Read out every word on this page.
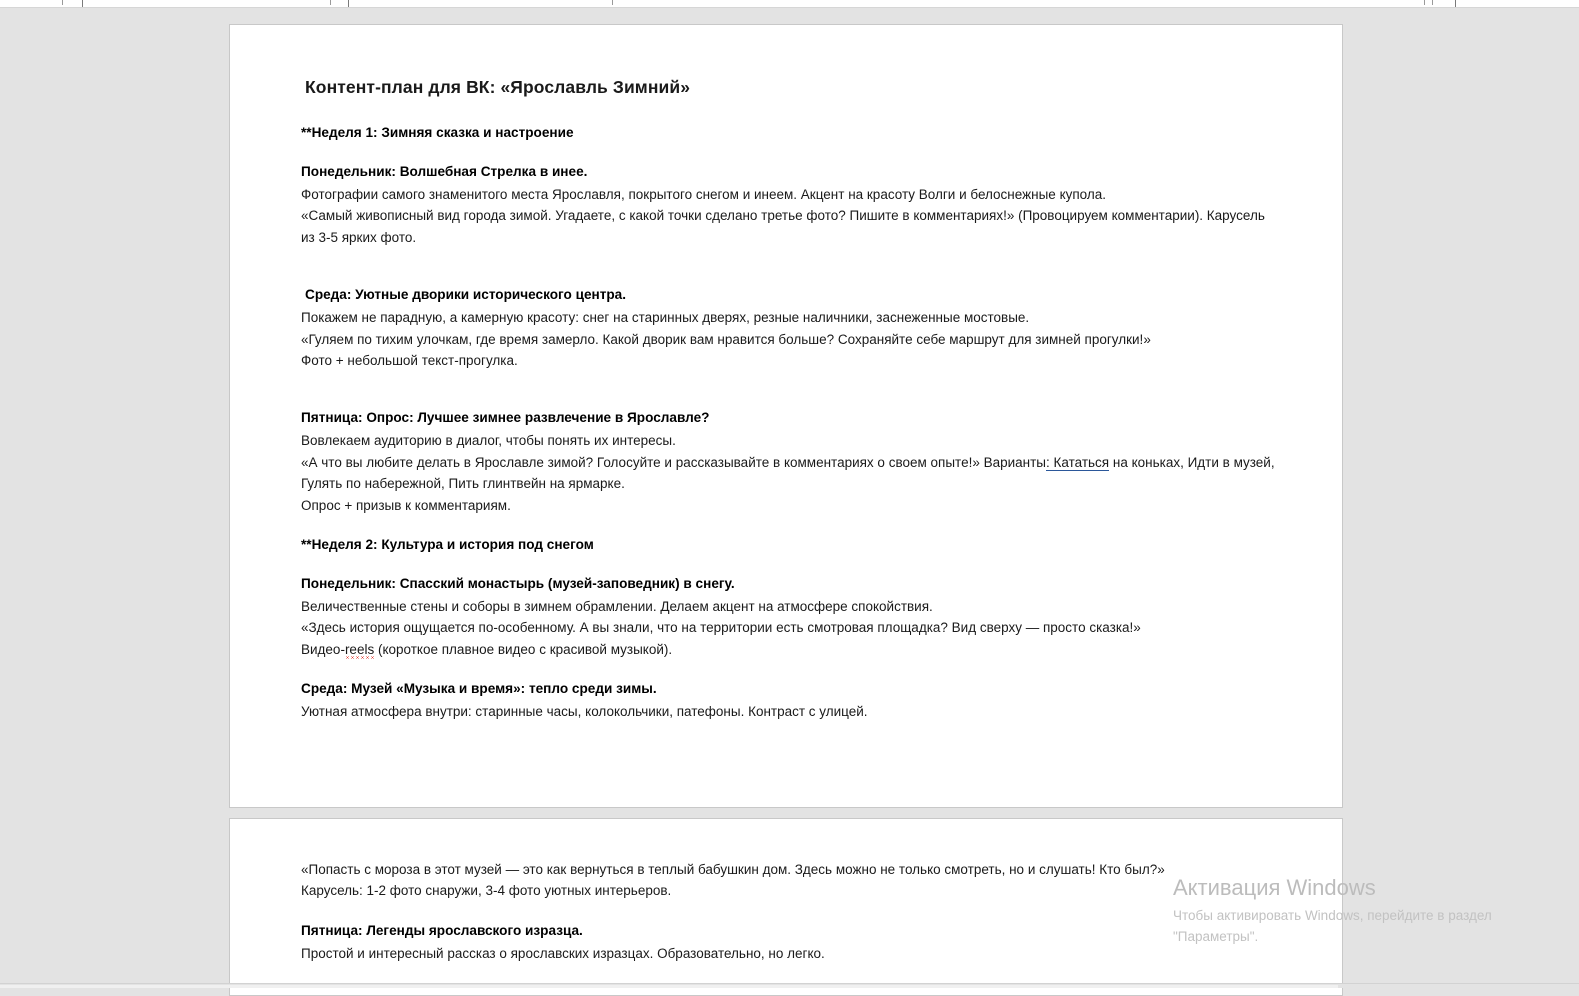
Контент-план для ВК: «Ярославль Зимний»
**Неделя 1: Зимняя сказка и настроение
Понедельник: Волшебная Стрелка в инее.

Фотографии самого знаменитого места Ярославля, покрытого снегом и инеем. Акцент на красоту Волги и белоснежные купола.

«Самый живописный вид города зимой. Угадаете, с какой точки сделано третье фото? Пишите в комментариях!» (Провоцируем комментарии). Карусель

из 3-5 ярких фото.

Среда: Уютные дворики исторического центра.

Покажем не парадную, а камерную красоту: снег на старинных дверях, резные наличники, заснеженные мостовые.

«Гуляем по тихим улочкам, где время замерло. Какой дворик вам нравится больше? Сохраняйте себе маршрут для зимней прогулки!»

Фото + небольшой текст-прогулка.

Пятница: Опрос: Лучшее зимнее развлечение в Ярославле?

Вовлекаем аудиторию в диалог, чтобы понять их интересы.

«А что вы любите делать в Ярославле зимой? Голосуйте и рассказывайте в комментариях о своем опыте!» Варианты: Кататься на коньках, Идти в музей,

Гулять по набережной, Пить глинтвейн на ярмарке.

Опрос + призыв к комментариям.

**Неделя 2: Культура и история под снегом
Понедельник: Спасский монастырь (музей-заповедник) в снегу.

Величественные стены и соборы в зимнем обрамлении. Делаем акцент на атмосфере спокойствия.

«Здесь история ощущается по-особенному. А вы знали, что на территории есть смотровая площадка? Вид сверху — просто сказка!»

Видео-reels (короткое плавное видео с красивой музыкой).

Среда: Музей «Музыка и время»: тепло среди зимы.

Уютная атмосфера внутри: старинные часы, колокольчики, патефоны. Контраст с улицей.

«Попасть с мороза в этот музей — это как вернуться в теплый бабушкин дом. Здесь можно не только смотреть, но и слушать! Кто был?»

Карусель: 1-2 фото снаружи, 3-4 фото уютных интерьеров.

Пятница: Легенды ярославского изразца.

Простой и интересный рассказ о ярославских изразцах. Образовательно, но легко.

Активация Windows
Чтобы активировать Windows, перейдите в раздел
"Параметры".
